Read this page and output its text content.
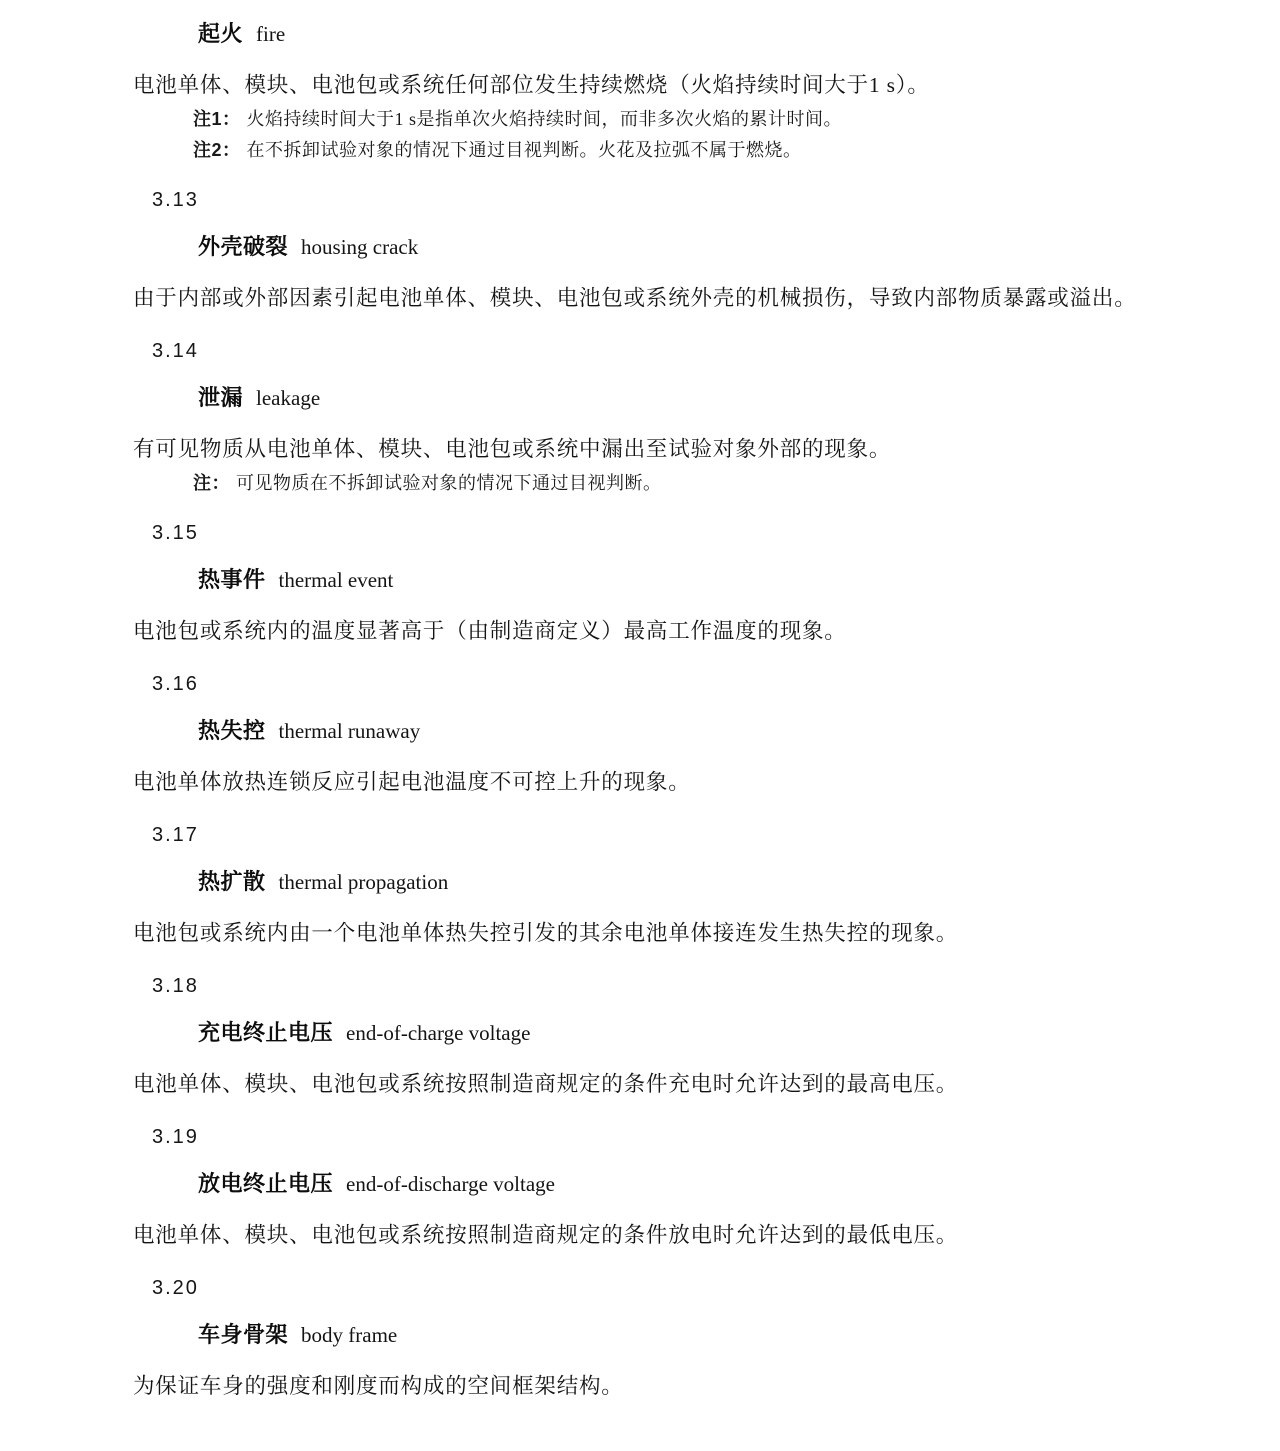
起火 fire

电池单体、模块、电池包或系统任何部位发生持续燃烧（火焰持续时间大于1 s）。

注1： 火焰持续时间大于1 s是指单次火焰持续时间，而非多次火焰的累计时间。

注2： 在不拆卸试验对象的情况下通过目视判断。火花及拉弧不属于燃烧。

3.13

外壳破裂 housing crack

由于内部或外部因素引起电池单体、模块、电池包或系统外壳的机械损伤，导致内部物质暴露或溢出。

3.14

泄漏 leakage

有可见物质从电池单体、模块、电池包或系统中漏出至试验对象外部的现象。

注： 可见物质在不拆卸试验对象的情况下通过目视判断。

3.15

热事件 thermal event

电池包或系统内的温度显著高于（由制造商定义）最高工作温度的现象。

3.16

热失控 thermal runaway

电池单体放热连锁反应引起电池温度不可控上升的现象。

3.17

热扩散 thermal propagation

电池包或系统内由一个电池单体热失控引发的其余电池单体接连发生热失控的现象。

3.18

充电终止电压 end-of-charge voltage

电池单体、模块、电池包或系统按照制造商规定的条件充电时允许达到的最高电压。

3.19

放电终止电压 end-of-discharge voltage

电池单体、模块、电池包或系统按照制造商规定的条件放电时允许达到的最低电压。

3.20

车身骨架 body frame

为保证车身的强度和刚度而构成的空间框架结构。
